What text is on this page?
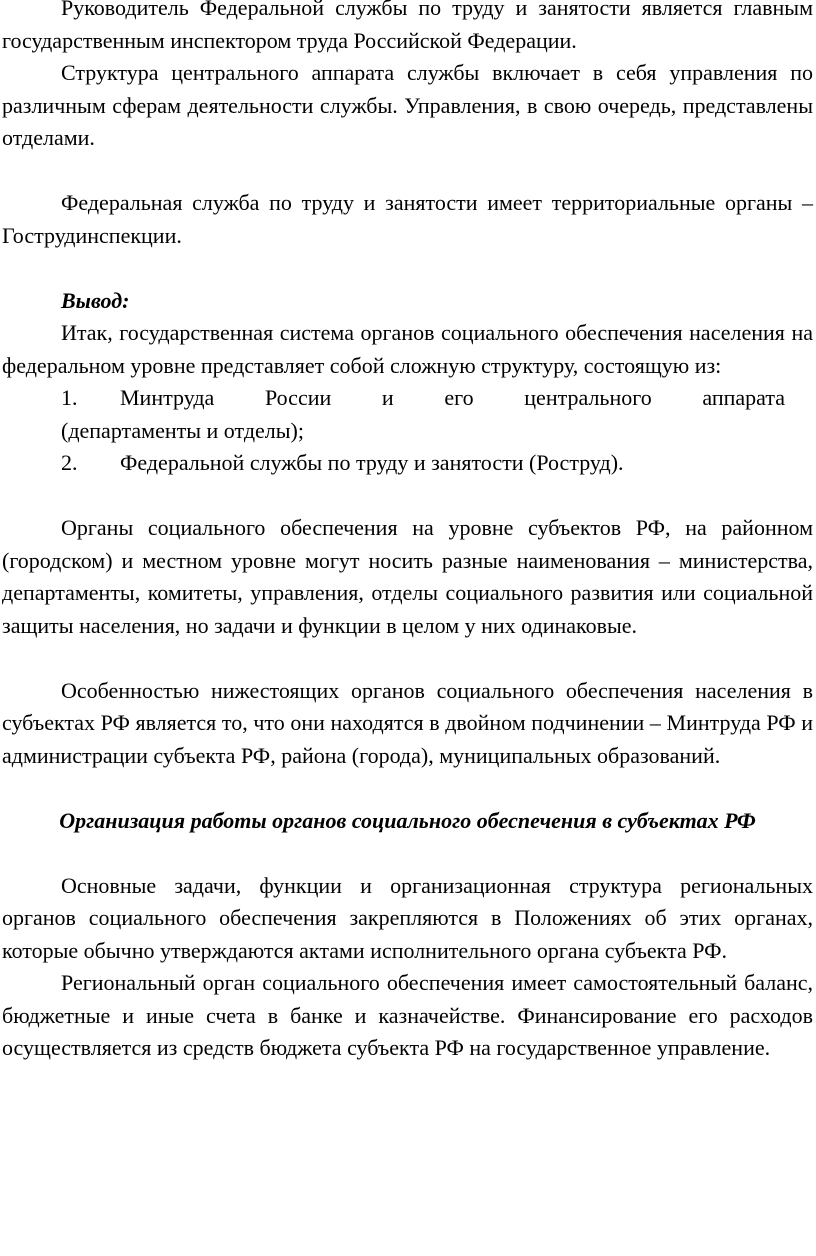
Руководитель Федеральной службы по труду и занятости является главным государственным инспектором труда Российской Федерации.

Структура центрального аппарата службы включает в себя управления по различным сферам деятельности службы. Управления, в свою очередь, представлены отделами.

Федеральная служба по труду и занятости имеет территориальные органы –Гострудинспекции.

Вывод:

Итак, государственная система органов социального обеспечения населения на федеральном уровне представляет собой сложную структуру, состоящую из:

1.	Минтруда России и его центрального аппарата
(департаменты и отделы);
2.	Федеральной службы по труду и занятости (Роструд).

Органы социального обеспечения на уровне субъектов РФ, на районном (городском) и местном уровне могут носить разные наименования – министерства, департаменты, комитеты, управления, отделы социального развития или социальной защиты населения, но задачи и функции в целом у них одинаковые.

Особенностью нижестоящих органов социального обеспечения населения в субъектах РФ является то, что они находятся в двойном подчинении – Минтруда РФ и администрации субъекта РФ, района (города), муниципальных образований.

Организация работы органов социального обеспечения в субъектах РФ

Основные задачи, функции и организационная структура региональных органов социального обеспечения закрепляются в Положениях об этих органах, которые обычно утверждаются актами исполнительного органа субъекта РФ.

Региональный орган социального обеспечения имеет самостоятельный баланс, бюджетные и иные счета в банке и казначействе. Финансирование его расходов осуществляется из средств бюджета субъекта РФ на государственное управление.
